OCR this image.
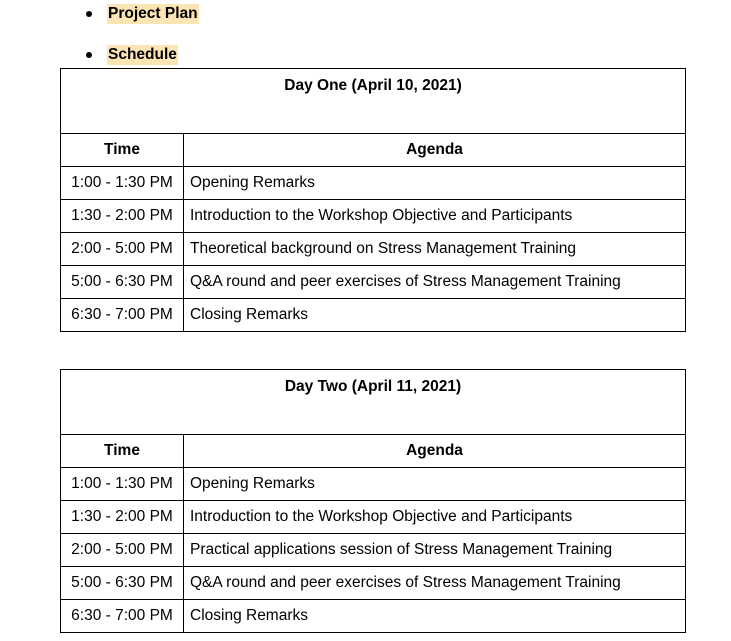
Project Plan
Schedule
Day One (April 10, 2021)	
Time	Agenda
1:00 - 1:30 PM	Opening Remarks
1:30 - 2:00 PM	Introduction to the Workshop Objective and Participants
2:00 - 5:00 PM	Theoretical background on Stress Management Training
5:00 - 6:30 PM	Q&A round and peer exercises of Stress Management Training
6:30 - 7:00 PM	Closing Remarks
Day Two (April 11, 2021)	
Time	Agenda
1:00 - 1:30 PM	Opening Remarks
1:30 - 2:00 PM	Introduction to the Workshop Objective and Participants
2:00 - 5:00 PM	Practical applications session of Stress Management Training
5:00 - 6:30 PM	Q&A round and peer exercises of Stress Management Training
6:30 - 7:00 PM	Closing Remarks
